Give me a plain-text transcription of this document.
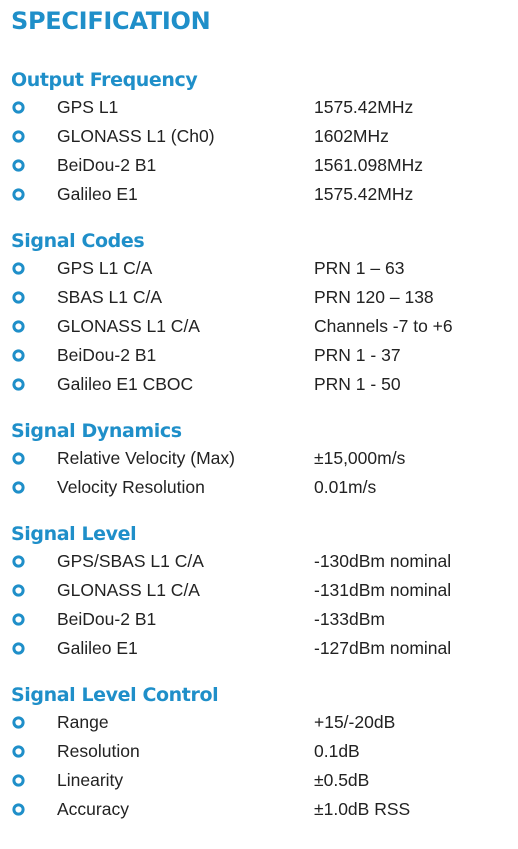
SPECIFICATION
Output Frequency
GPS L1	1575.42MHz
GLONASS L1 (Ch0)	1602MHz
BeiDou-2 B1	1561.098MHz
Galileo E1	1575.42MHz
Signal Codes
GPS L1 C/A	PRN 1 – 63
SBAS L1 C/A	PRN 120 – 138
GLONASS L1 C/A	Channels -7 to +6
BeiDou-2 B1	PRN 1 - 37
Galileo E1 CBOC	PRN 1 - 50
Signal Dynamics
Relative Velocity (Max)	±15,000m/s
Velocity Resolution	0.01m/s
Signal Level
GPS/SBAS L1 C/A	-130dBm nominal
GLONASS L1 C/A	-131dBm nominal
BeiDou-2 B1	-133dBm
Galileo E1	-127dBm nominal
Signal Level Control
Range	+15/-20dB
Resolution	0.1dB
Linearity	±0.5dB
Accuracy	±1.0dB RSS
